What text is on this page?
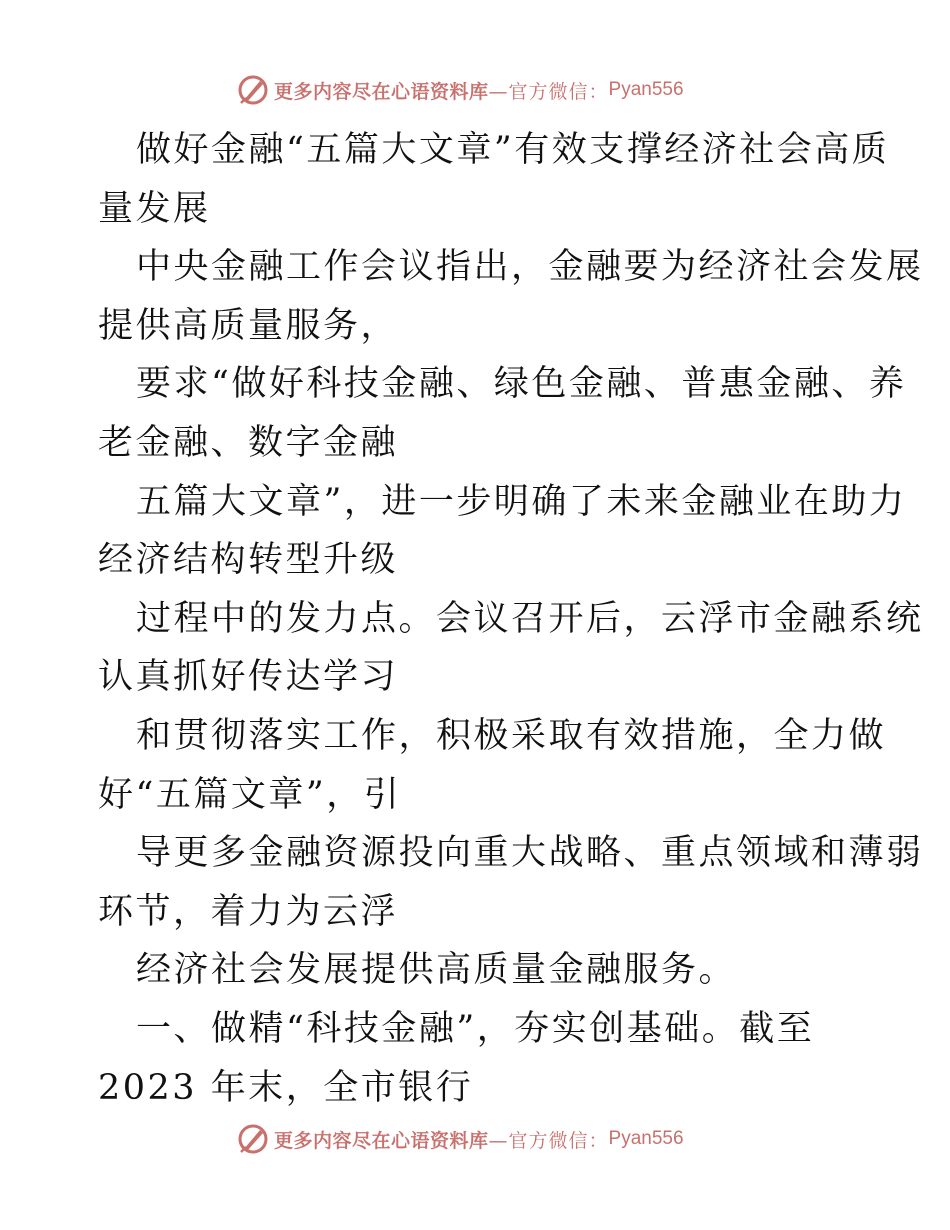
更多内容尽在心语资料库 —官方微信： Pyan556
做好金融“五篇大文章”有效支撑经济社会高质
量发展
中央金融工作会议指出，金融要为经济社会发展
提供高质量服务，
要求“做好科技金融、绿色金融、普惠金融、养
老金融、数字金融
五篇大文章”，进一步明确了未来金融业在助力
经济结构转型升级
过程中的发力点。会议召开后，云浮市金融系统
认真抓好传达学习
和贯彻落实工作，积极采取有效措施，全力做
好“五篇文章”，引
导更多金融资源投向重大战略、重点领域和薄弱
环节，着力为云浮
经济社会发展提供高质量金融服务。
一、做精“科技金融”，夯实创基础。截至
2023 年末，全市银行
更多内容尽在心语资料库 —官方微信： Pyan556
